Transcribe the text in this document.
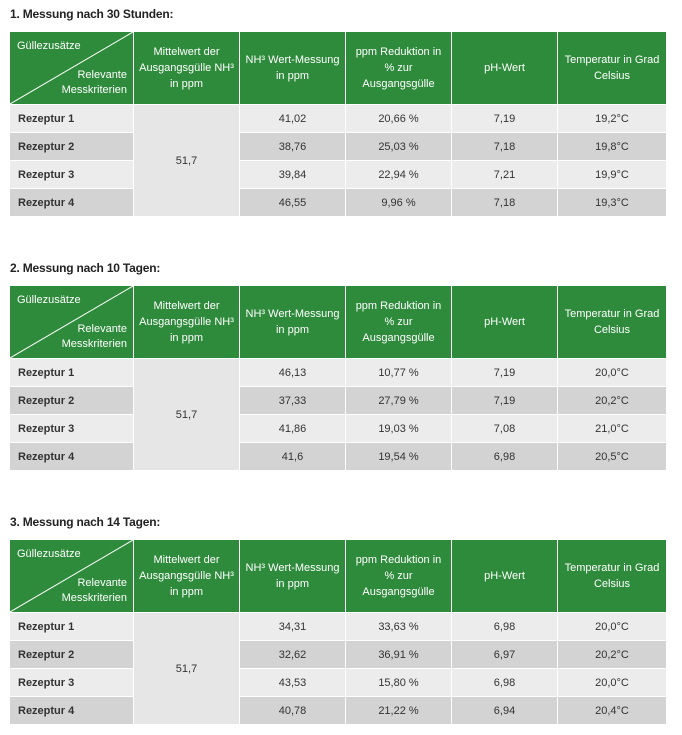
1. Messung nach 30 Stunden:
Güllezusätze
Relevante
Messkriterien	Mittelwert der Ausgangsgülle NH³ in ppm	NH³ Wert-Messung in ppm	ppm Reduktion in % zur Ausgangsgülle	pH-Wert	Temperatur in Grad Celsius
Rezeptur 1	51,7	41,02	20,66 %	7,19	19,2°C
Rezeptur 2		38,76	25,03 %	7,18	19,8°C
Rezeptur 3		39,84	22,94 %	7,21	19,9°C
Rezeptur 4		46,55	9,96 %	7,18	19,3°C
2. Messung nach 10 Tagen:
Güllezusätze
Relevante
Messkriterien	Mittelwert der Ausgangsgülle NH³ in ppm	NH³ Wert-Messung in ppm	ppm Reduktion in % zur Ausgangsgülle	pH-Wert	Temperatur in Grad Celsius
Rezeptur 1	51,7	46,13	10,77 %	7,19	20,0°C
Rezeptur 2		37,33	27,79 %	7,19	20,2°C
Rezeptur 3		41,86	19,03 %	7,08	21,0°C
Rezeptur 4		41,6	19,54 %	6,98	20,5°C
3. Messung nach 14 Tagen:
Güllezusätze
Relevante
Messkriterien	Mittelwert der Ausgangsgülle NH³ in ppm	NH³ Wert-Messung in ppm	ppm Reduktion in % zur Ausgangsgülle	pH-Wert	Temperatur in Grad Celsius
Rezeptur 1	51,7	34,31	33,63 %	6,98	20,0°C
Rezeptur 2		32,62	36,91 %	6,97	20,2°C
Rezeptur 3		43,53	15,80 %	6,98	20,0°C
Rezeptur 4		40,78	21,22 %	6,94	20,4°C
